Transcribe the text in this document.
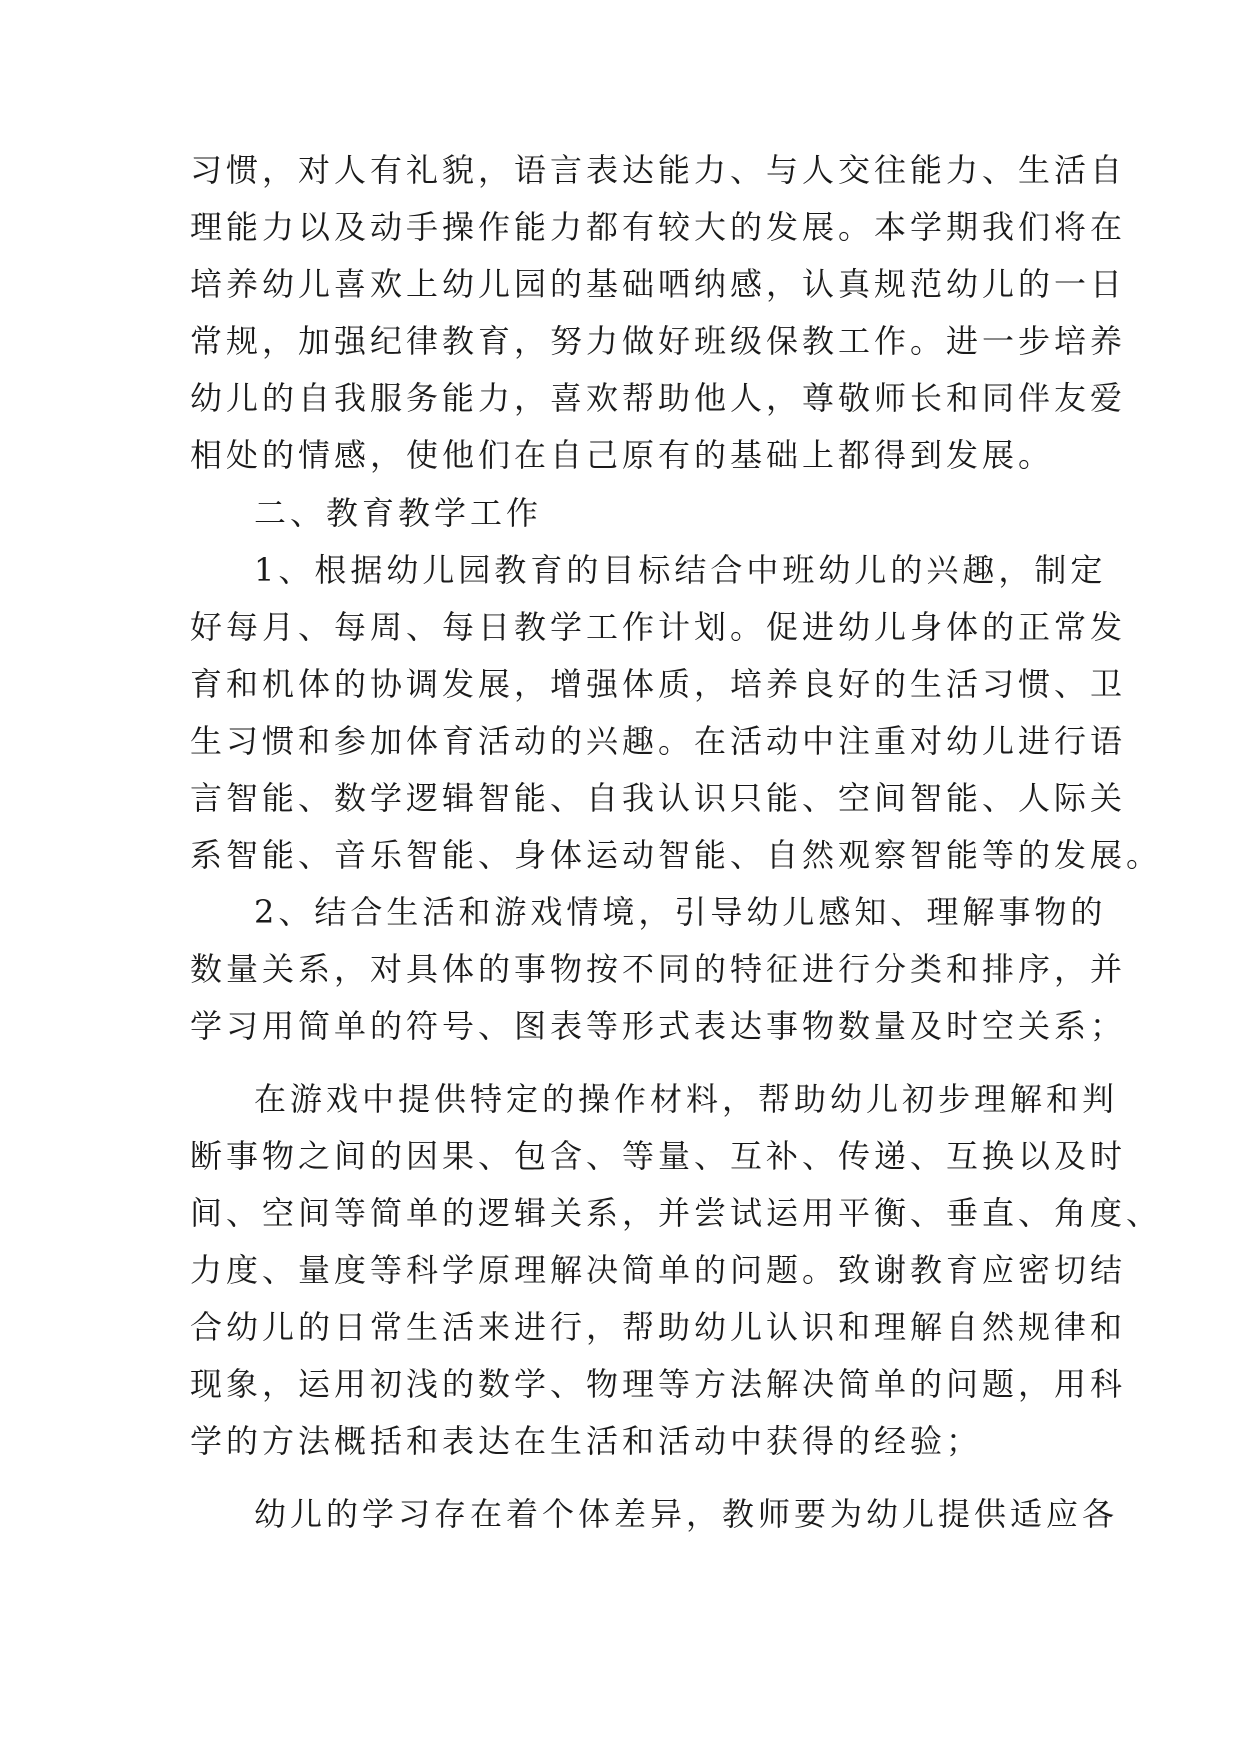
习惯，对人有礼貌，语言表达能力、与人交往能力、生活自
理能力以及动手操作能力都有较大的发展。本学期我们将在
培养幼儿喜欢上幼儿园的基础哂纳感，认真规范幼儿的一日
常规，加强纪律教育，努力做好班级保教工作。进一步培养
幼儿的自我服务能力，喜欢帮助他人，尊敬师长和同伴友爱
相处的情感，使他们在自己原有的基础上都得到发展。
二、教育教学工作
1、根据幼儿园教育的目标结合中班幼儿的兴趣，制定
好每月、每周、每日教学工作计划。促进幼儿身体的正常发
育和机体的协调发展，增强体质，培养良好的生活习惯、卫
生习惯和参加体育活动的兴趣。在活动中注重对幼儿进行语
言智能、数学逻辑智能、自我认识只能、空间智能、人际关
系智能、音乐智能、身体运动智能、自然观察智能等的发展。
2、结合生活和游戏情境，引导幼儿感知、理解事物的
数量关系，对具体的事物按不同的特征进行分类和排序，并
学习用简单的符号、图表等形式表达事物数量及时空关系；
在游戏中提供特定的操作材料，帮助幼儿初步理解和判
断事物之间的因果、包含、等量、互补、传递、互换以及时
间、空间等简单的逻辑关系，并尝试运用平衡、垂直、角度、
力度、量度等科学原理解决简单的问题。致谢教育应密切结
合幼儿的日常生活来进行，帮助幼儿认识和理解自然规律和
现象，运用初浅的数学、物理等方法解决简单的问题，用科
学的方法概括和表达在生活和活动中获得的经验；
幼儿的学习存在着个体差异，教师要为幼儿提供适应各
